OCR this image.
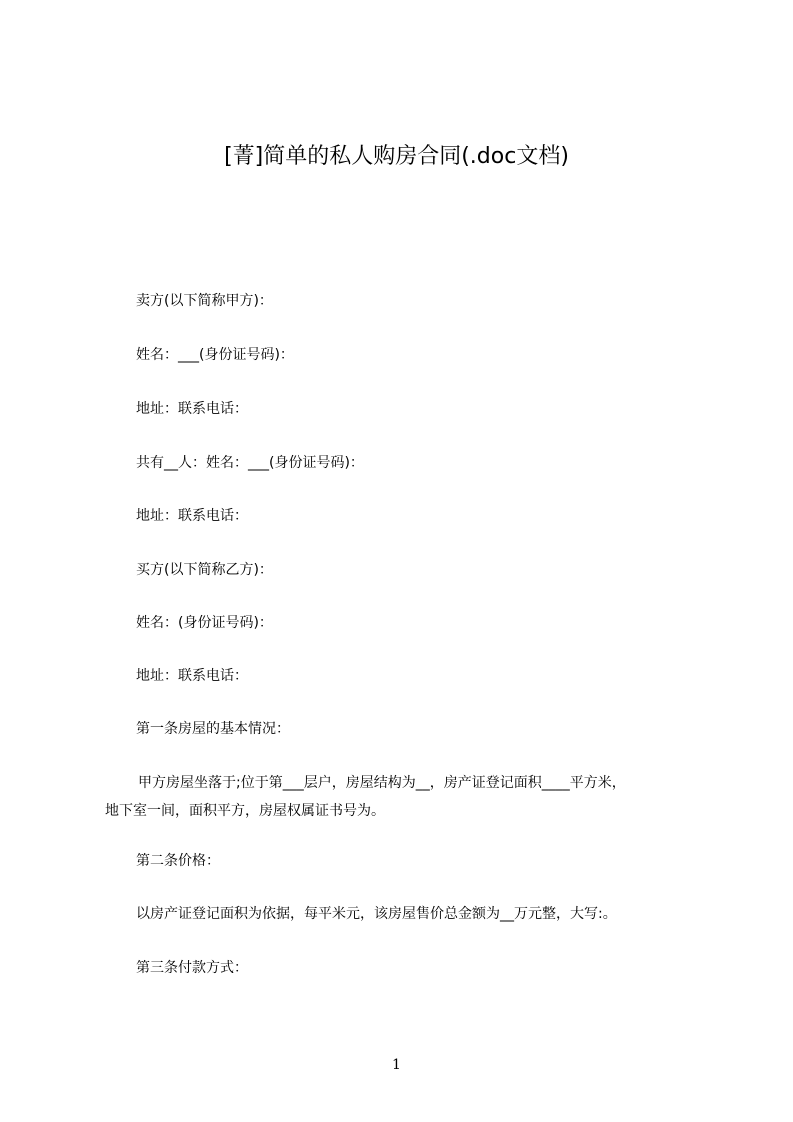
[菁]简单的私人购房合同(.doc文档)
卖方(以下简称甲方)：
姓名：___(身份证号码)：
地址：联系电话：
共有__人：姓名：___(身份证号码)：
地址：联系电话：
买方(以下简称乙方)：
姓名：(身份证号码)：
地址：联系电话：
第一条房屋的基本情况：
甲方房屋坐落于;位于第___层户，房屋结构为__，房产证登记面积____平方米，
地下室一间，面积平方，房屋权属证书号为。
第二条价格：
以房产证登记面积为依据，每平米元，该房屋售价总金额为__万元整，大写:。
第三条付款方式：
1
